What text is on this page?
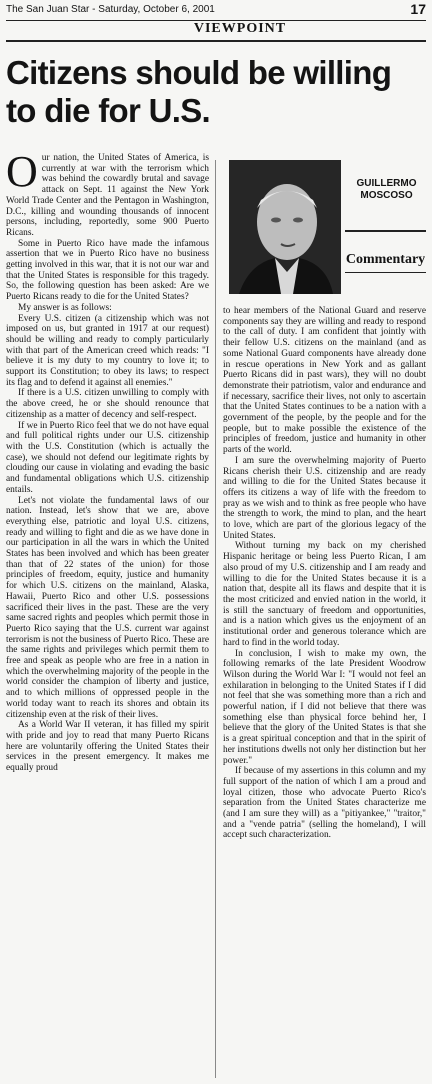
The San Juan Star - Saturday, October 6, 2001	17
VIEWPOINT
Citizens should be willing to die for U.S.

Our nation, the United States of America, is currently at war with the terrorism which was behind the cowardly brutal and savage attack on Sept. 11 against the New York World Trade Center and the Pentagon in Washington, D.C., killing and wounding thousands of innocent persons, including, reportedly, some 900 Puerto Ricans.

Some in Puerto Rico have made the infamous assertion that we in Puerto Rico have no business getting involved in this war, that it is not our war and that the United States is responsible for this tragedy. So, the following question has been asked: Are we Puerto Ricans ready to die for the United States?

My answer is as follows:

Every U.S. citizen (a citizenship which was not imposed on us, but granted in 1917 at our request) should be willing and ready to comply particularly with that part of the American creed which reads: "I believe it is my duty to my country to love it; to support its Constitution; to obey its laws; to respect its flag and to defend it against all enemies."

If there is a U.S. citizen unwilling to comply with the above creed, he or she should renounce that citizenship as a matter of decency and self-respect.

If we in Puerto Rico feel that we do not have equal and full political rights under our U.S. citizenship with the U.S. Constitution (which is actually the case), we should not defend our legitimate rights by clouding our cause in violating and evading the basic and fundamental obligations which U.S. citizenship entails.

Let's not violate the fundamental laws of our nation. Instead, let's show that we are, above everything else, patriotic and loyal U.S. citizens, ready and willing to fight and die as we have done in our participation in all the wars in which the United States has been involved and which has been greater than that of 22 states of the union) for those principles of freedom, equity, justice and humanity for which U.S. citizens on the mainland, Alaska, Hawaii, Puerto Rico and other U.S. possessions sacrificed their lives in the past. These are the very same sacred rights and peoples which permit those in Puerto Rico saying that the U.S. current war against terrorism is not the business of Puerto Rico. These are the same rights and privileges which permit them to free and speak as people who are free in a nation in which the overwhelming majority of the people in the world consider the champion of liberty and justice, and to which millions of oppressed people in the world today want to reach its shores and obtain its citizenship even at the risk of their lives.

As a World War II veteran, it has filled my spirit with pride and joy to read that many Puerto Ricans here are voluntarily offering the United States their services in the present emergency. It makes me equally proud

GUILLERMO
MOSCOSO
Commentary

to hear members of the National Guard and reserve components say they are willing and ready to respond to the call of duty. I am confident that jointly with their fellow U.S. citizens on the mainland (and as some National Guard components have already done in rescue operations in New York and as gallant Puerto Ricans did in past wars), they will no doubt demonstrate their patriotism, valor and endurance and if necessary, sacrifice their lives, not only to ascertain that the United States continues to be a nation with a government of the people, by the people and for the people, but to make possible the existence of the principles of freedom, justice and humanity in other parts of the world.

I am sure the overwhelming majority of Puerto Ricans cherish their U.S. citizenship and are ready and willing to die for the United States because it offers its citizens a way of life with the freedom to pray as we wish and to think as free people who have the strength to work, the mind to plan, and the heart to love, which are part of the glorious legacy of the United States.

Without turning my back on my cherished Hispanic heritage or being less Puerto Rican, I am also proud of my U.S. citizenship and I am ready and willing to die for the United States because it is a nation that, despite all its flaws and despite that it is the most criticized and envied nation in the world, it is still the sanctuary of freedom and opportunities, and is a nation which gives us the enjoyment of an institutional order and generous tolerance which are hard to find in the world today.

In conclusion, I wish to make my own, the following remarks of the late President Woodrow Wilson during the World War I: "I would not feel an exhilaration in belonging to the United States if I did not feel that she was something more than a rich and powerful nation, if I did not believe that there was something else than physical force behind her, I believe that the glory of the United States is that she is a great spiritual conception and that in the spirit of her institutions dwells not only her distinction but her power."

If because of my assertions in this column and my full support of the nation of which I am a proud and loyal citizen, those who advocate Puerto Rico's separation from the United States characterize me (and I am sure they will) as a "pitiyankee," "traitor," and a "vende patria" (selling the homeland), I will accept such characterization.
